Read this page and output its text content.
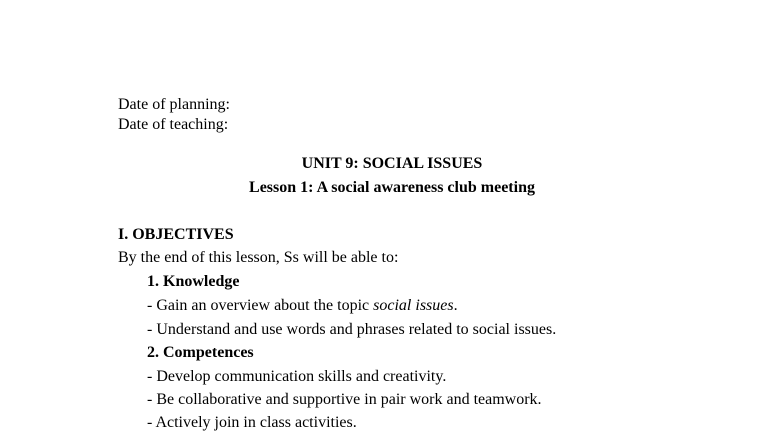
Date of planning:
Date of teaching:
UNIT 9: SOCIAL ISSUES
Lesson 1: A social awareness club meeting
I. OBJECTIVES
By the end of this lesson, Ss will be able to:
1. Knowledge
- Gain an overview about the topic social issues.
- Understand and use words and phrases related to social issues.
2. Competences
- Develop communication skills and creativity.
- Be collaborative and supportive in pair work and teamwork.
- Actively join in class activities.
